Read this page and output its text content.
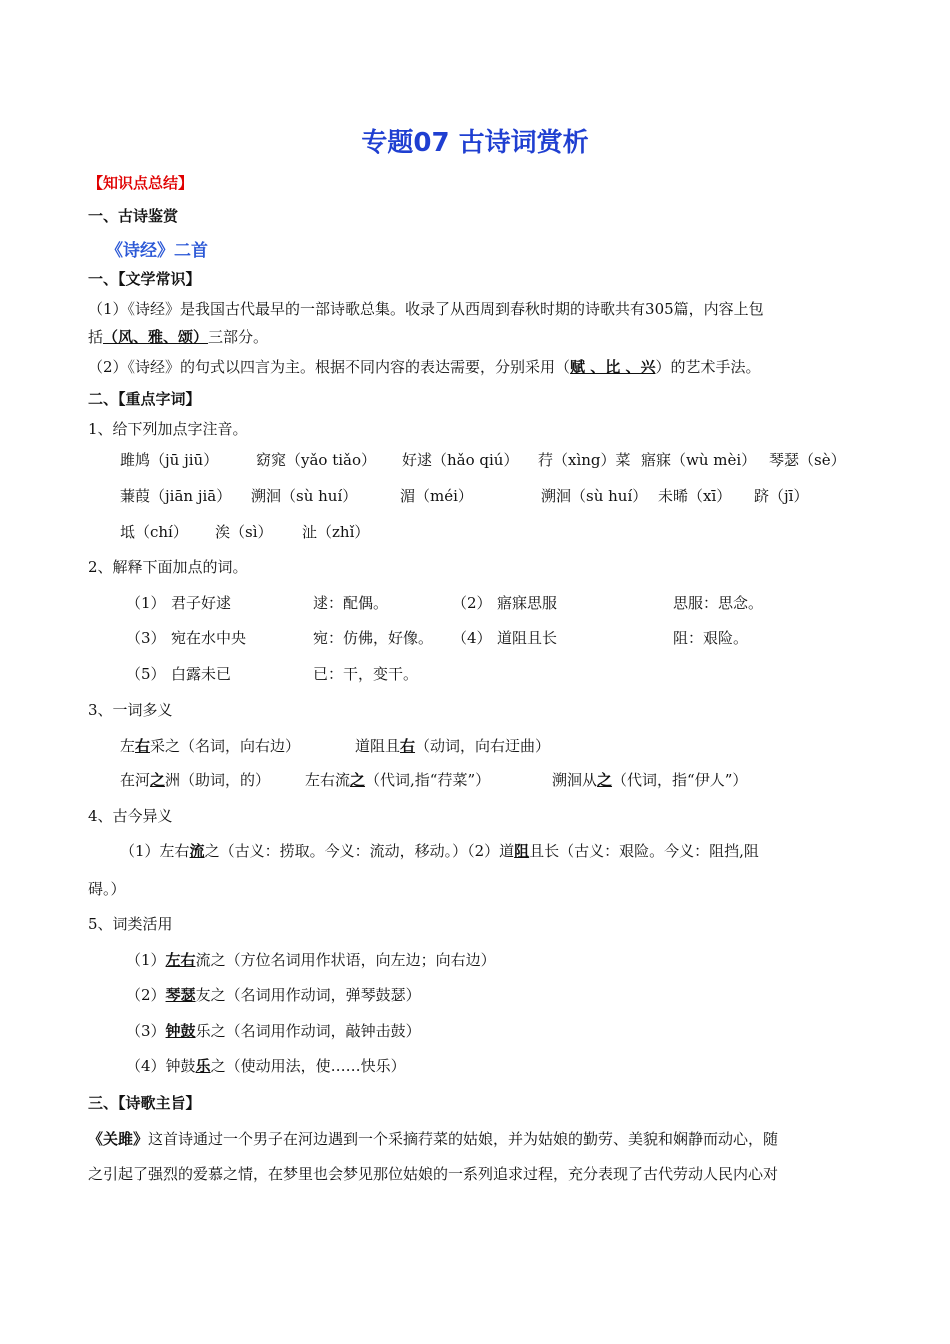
专题07 古诗词赏析
【知识点总结】
一、古诗鉴赏
《诗经》二首
一、【文学常识】
（1）《诗经》是我国古代最早的一部诗歌总集。收录了从西周到春秋时期的诗歌共有305篇，内容上包
括（风、雅、颂）三部分。
（2）《诗经》的句式以四言为主。根据不同内容的表达需要，分别采用（赋 、比 、兴）的艺术手法。
二、【重点字词】
1、给下列加点字注音。
雎鸠（jū jiū）	窈窕（yǎo tiǎo） 好逑（hǎo qiú） 荇（xìng）菜 寤寐（wù mèi） 琴瑟（sè）
蒹葭（jiān jiā） 溯洄（sù huí）	湄（méi）	溯洄（sù huí） 未晞（xī） 跻（jī）
坻（chí） 涘（sì） 沚（zhǐ）
2、解释下面加点的词。
（1） 君子好逑	逑：配偶。	（2） 寤寐思服	思服：思念。
（3） 宛在水中央	宛：仿佛，好像。 （4） 道阻且长	阻：艰险。
（5） 白露未已	已：干，变干。
3、一词多义
左右采之（名词，向右边）	道阻且右（动词，向右迂曲）
在河之洲（助词，的） 左右流之（代词,指“荇菜”）	溯洄从之（代词，指“伊人”）
4、古今异义
（1）左右流之（古义：捞取。今义：流动，移动。）（2）道阻且长（古义：艰险。今义：阻挡,阻
碍。）
5、词类活用
（1）左右流之（方位名词用作状语，向左边；向右边）
（2）琴瑟友之（名词用作动词，弹琴鼓瑟）
（3）钟鼓乐之（名词用作动词，敲钟击鼓）
（4）钟鼓乐之（使动用法，使……快乐）
三、【诗歌主旨】
《关雎》这首诗通过一个男子在河边遇到一个采摘荇菜的姑娘，并为姑娘的勤劳、美貌和娴静而动心，随
之引起了强烈的爱慕之情，在梦里也会梦见那位姑娘的一系列追求过程，充分表现了古代劳动人民内心对
